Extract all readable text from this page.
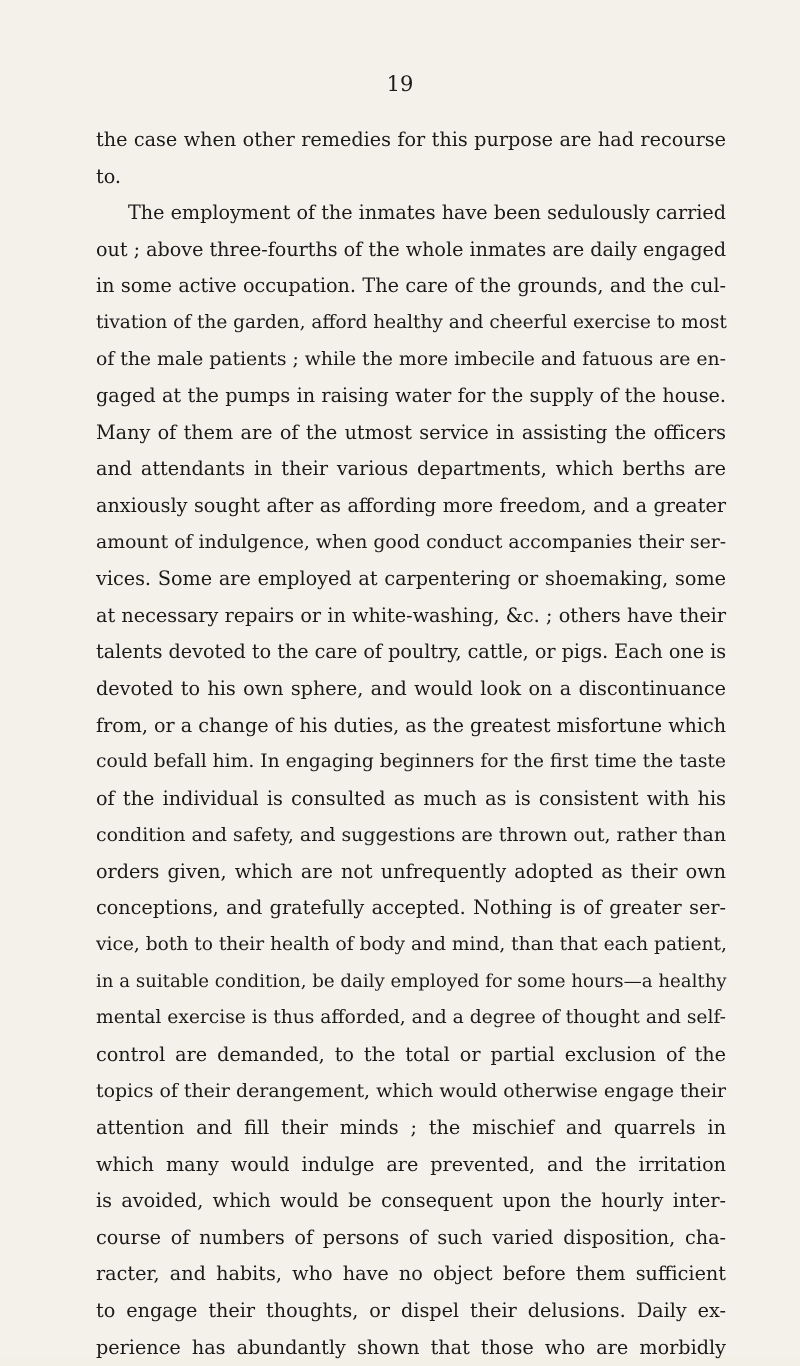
19
the case when other remedies for this purpose are had recourse
to.
The employment of the inmates have been sedulously carried
out ; above three-fourths of the whole inmates are daily engaged
in some active occupation. The care of the grounds, and the cul-
tivation of the garden, afford healthy and cheerful exercise to most
of the male patients ; while the more imbecile and fatuous are en-
gaged at the pumps in raising water for the supply of the house.
Many of them are of the utmost service in assisting the officers
and attendants in their various departments, which berths are
anxiously sought after as affording more freedom, and a greater
amount of indulgence, when good conduct accompanies their ser-
vices. Some are employed at carpentering or shoemaking, some
at necessary repairs or in white-washing, &c. ; others have their
talents devoted to the care of poultry, cattle, or pigs. Each one is
devoted to his own sphere, and would look on a discontinuance
from, or a change of his duties, as the greatest misfortune which
could befall him. In engaging beginners for the first time the taste
of the individual is consulted as much as is consistent with his
condition and safety, and suggestions are thrown out, rather than
orders given, which are not unfrequently adopted as their own
conceptions, and gratefully accepted. Nothing is of greater ser-
vice, both to their health of body and mind, than that each patient,
in a suitable condition, be daily employed for some hours—a healthy
mental exercise is thus afforded, and a degree of thought and self-
control are demanded, to the total or partial exclusion of the
topics of their derangement, which would otherwise engage their
attention and fill their minds ; the mischief and quarrels in
which many would indulge are prevented, and the irritation
is avoided, which would be consequent upon the hourly inter-
course of numbers of persons of such varied disposition, cha-
racter, and habits, who have no object before them sufficient
to engage their thoughts, or dispel their delusions. Daily ex-
perience has abundantly shown that those who are morbidly
